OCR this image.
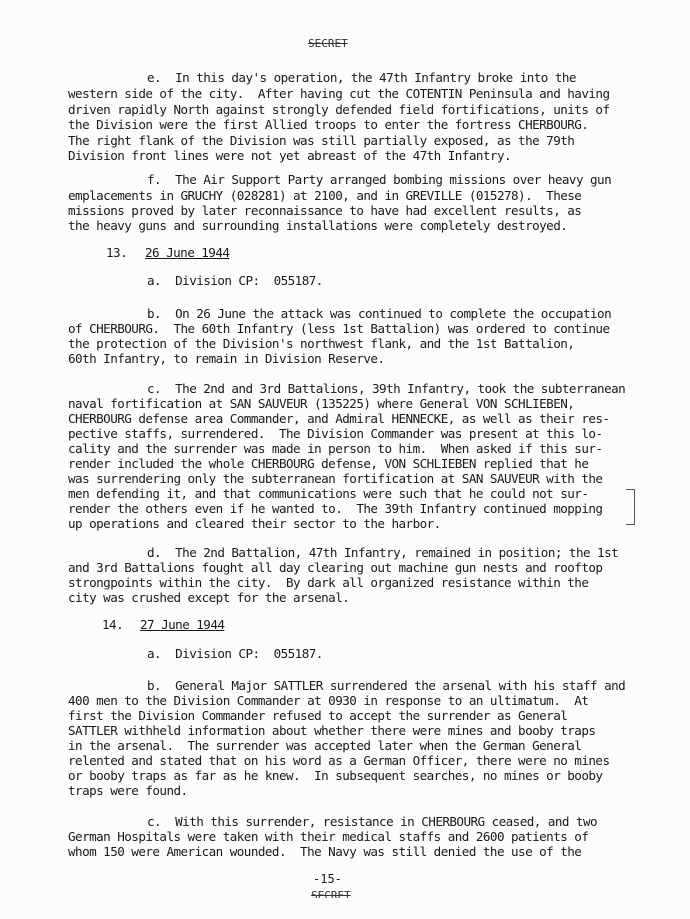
SECRET
e.  In this day's operation, the 47th Infantry broke into the
western side of the city.  After having cut the COTENTIN Peninsula and having
driven rapidly North against strongly defended field fortifications, units of
the Division were the first Allied troops to enter the fortress CHERBOURG.
The right flank of the Division was still partially exposed, as the 79th
Division front lines were not yet abreast of the 47th Infantry.
f.  The Air Support Party arranged bombing missions over heavy gun
emplacements in GRUCHY (028281) at 2100, and in GREVILLE (015278).  These
missions proved by later reconnaissance to have had excellent results, as
the heavy guns and surrounding installations were completely destroyed.
13. 26 June 1944
a.  Division CP:  055187.
b.  On 26 June the attack was continued to complete the occupation
of CHERBOURG.  The 60th Infantry (less 1st Battalion) was ordered to continue
the protection of the Division's northwest flank, and the 1st Battalion,
60th Infantry, to remain in Division Reserve.
c.  The 2nd and 3rd Battalions, 39th Infantry, took the subterranean
naval fortification at SAN SAUVEUR (135225) where General VON SCHLIEBEN,
CHERBOURG defense area Commander, and Admiral HENNECKE, as well as their res-
pective staffs, surrendered.  The Division Commander was present at this lo-
cality and the surrender was made in person to him.  When asked if this sur-
render included the whole CHERBOURG defense, VON SCHLIEBEN replied that he
was surrendering only the subterranean fortification at SAN SAUVEUR with the
men defending it, and that communications were such that he could not sur-
render the others even if he wanted to.  The 39th Infantry continued mopping
up operations and cleared their sector to the harbor.
d.  The 2nd Battalion, 47th Infantry, remained in position; the 1st
and 3rd Battalions fought all day clearing out machine gun nests and rooftop
strongpoints within the city.  By dark all organized resistance within the
city was crushed except for the arsenal.
14. 27 June 1944
a.  Division CP:  055187.
b.  General Major SATTLER surrendered the arsenal with his staff and
400 men to the Division Commander at 0930 in response to an ultimatum.  At
first the Division Commander refused to accept the surrender as General
SATTLER withheld information about whether there were mines and booby traps
in the arsenal.  The surrender was accepted later when the German General
relented and stated that on his word as a German Officer, there were no mines
or booby traps as far as he knew.  In subsequent searches, no mines or booby
traps were found.
c.  With this surrender, resistance in CHERBOURG ceased, and two
German Hospitals were taken with their medical staffs and 2600 patients of
whom 150 were American wounded.  The Navy was still denied the use of the
-15-
SECRET
